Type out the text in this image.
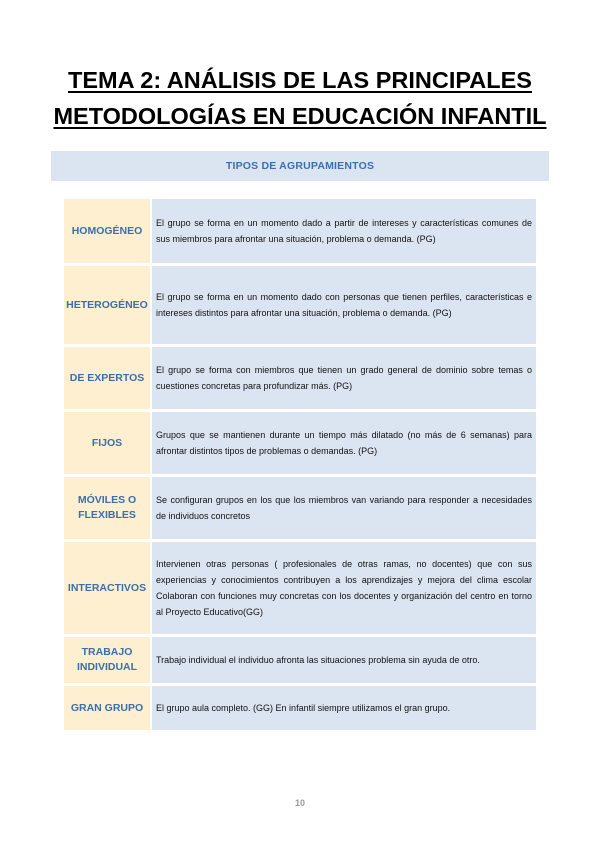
TEMA 2: ANÁLISIS DE LAS PRINCIPALES
METODOLOGÍAS EN EDUCACIÓN INFANTIL
TIPOS DE AGRUPAMIENTOS
HOMOGÉNEO
El grupo se forma en un momento dado a partir de intereses y características comunes de sus miembros para afrontar una situación, problema o demanda. (PG)
HETEROGÉNEO
El grupo se forma en un momento dado con personas que tienen perfiles, características e intereses distintos para afrontar una situación, problema o demanda. (PG)
DE EXPERTOS
El grupo se forma con miembros que tienen un grado general de dominio sobre temas o cuestiones concretas para profundizar más. (PG)
FIJOS
Grupos que se mantienen durante un tiempo más dilatado (no más de 6 semanas) para afrontar distintos tipos de problemas o demandas. (PG)
MÓVILES O FLEXIBLES
Se configuran grupos en los que los miembros van variando para responder a necesidades de individuos concretos
INTERACTIVOS
Intervienen otras personas ( profesionales de otras ramas, no docentes) que con sus experiencias y conocimientos contribuyen a los aprendizajes y mejora del clima escolar Colaboran con funciones muy concretas con los docentes y organización del centro en torno al Proyecto Educativo(GG)
TRABAJO INDIVIDUAL
Trabajo individual el individuo afronta las situaciones problema sin ayuda de otro.
GRAN GRUPO	El grupo aula completo. (GG) En infantil siempre utilizamos el gran grupo.
10
